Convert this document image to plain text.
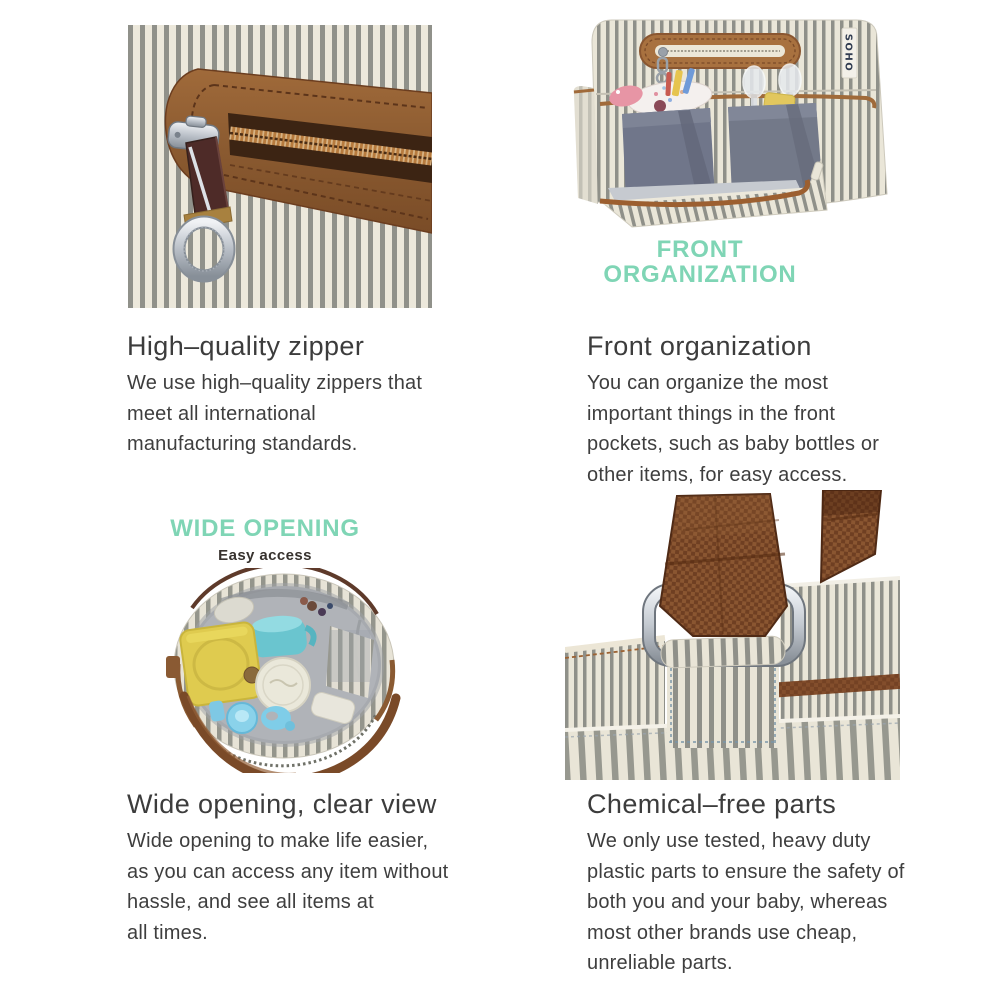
High–quality zipper
We use high–quality zippers that
meet all international
manufacturing standards.
SOHO
FRONT
ORGANIZATION
Front organization
You can organize the most
important things in the front
pockets, such as baby bottles or
other items, for easy access.
WIDE OPENING
Easy access
Wide opening, clear view
Wide opening to make life easier,
as you can access any item without
hassle, and see all items at
all times.
Chemical–free parts
We only use tested, heavy duty
plastic parts to ensure the safety of
both you and your baby, whereas
most other brands use cheap,
unreliable parts.
